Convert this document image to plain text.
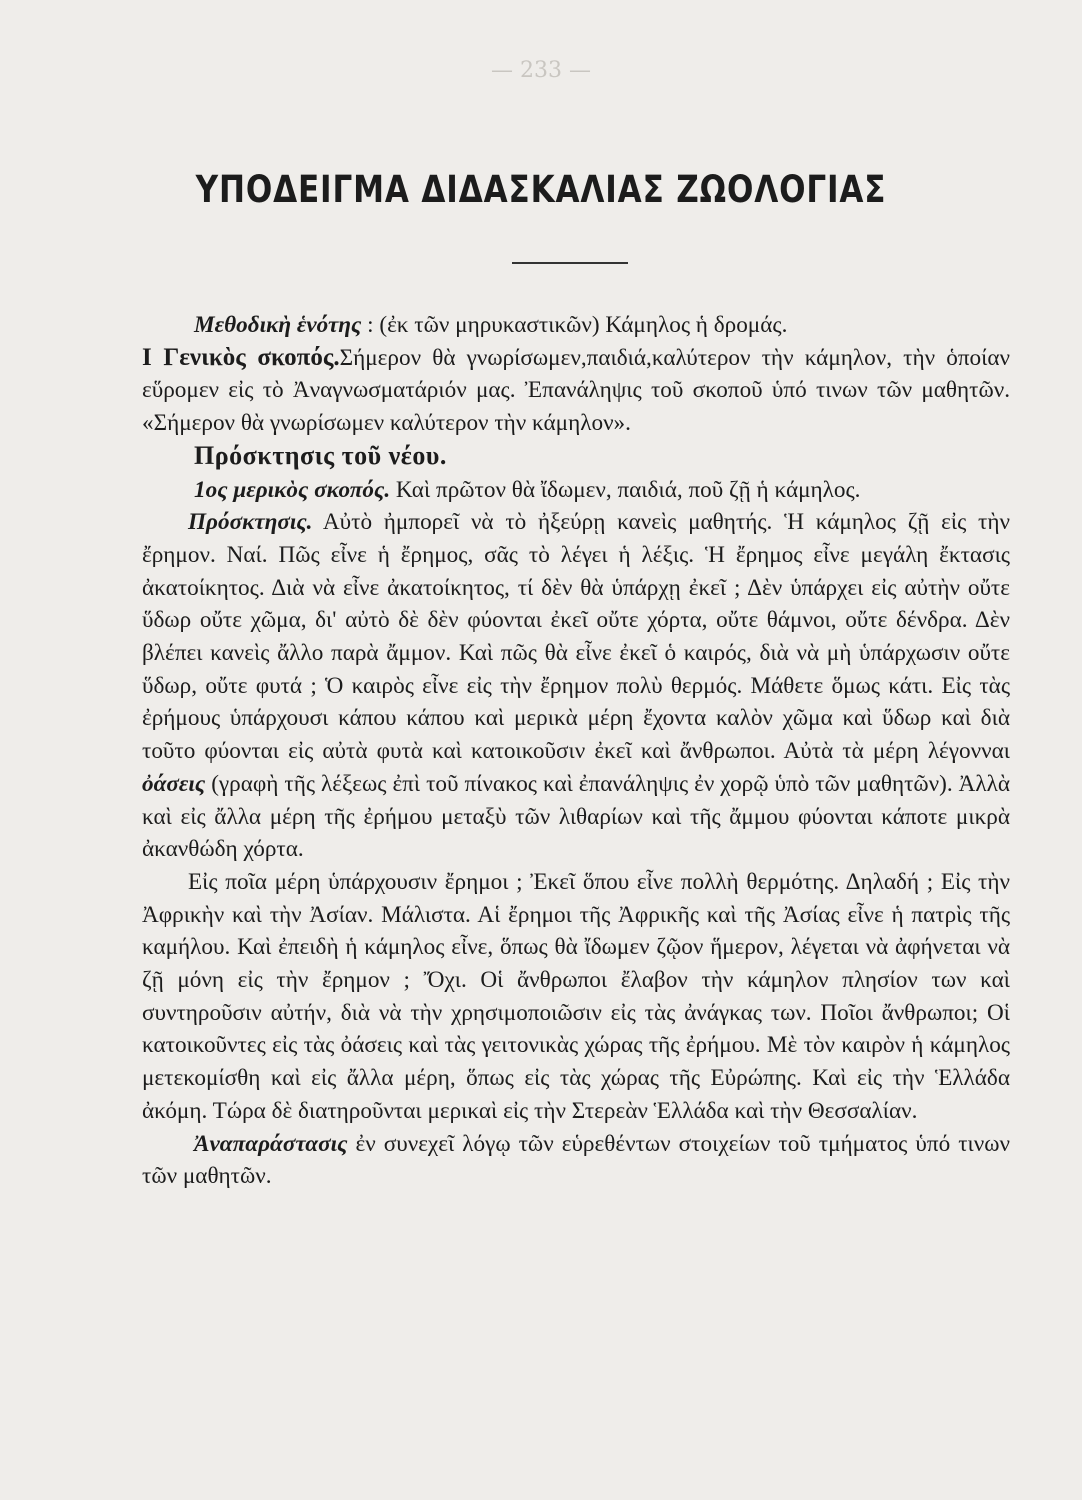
— 233 —
ΥΠΟΔΕΙΓΜΑ ΔΙΔΑΣΚΑΛΙΑΣ ΖΩΟΛΟΓΙΑΣ

Μεθοδικὴ ἑνότης : (ἐκ τῶν μηρυκαστικῶν) Κάμηλος ἡ δρομάς.

I Γενικὸς σκοπός.Σήμερον θὰ γνωρίσωμεν,παιδιά,καλύτερον τὴν κάμηλον, τὴν ὁποίαν εὕρομεν εἰς τὸ Ἀναγνωσματάριόν μας. Ἐπανάληψις τοῦ σκοποῦ ὑπό τινων τῶν μαθητῶν. «Σήμερον θὰ γνωρίσωμεν καλύτερον τὴν κάμηλον».

Πρόσκτησις τοῦ νέου.

1ος μερικὸς σκοπός. Καὶ πρῶτον θὰ ἴδωμεν, παιδιά, ποῦ ζῇ ἡ κάμηλος.

Πρόσκτησις. Αὐτὸ ἠμπορεῖ νὰ τὸ ἠξεύρῃ κανεὶς μαθητής. Ἡ κάμηλος ζῇ εἰς τὴν ἔρημον. Ναί. Πῶς εἶνε ἡ ἔρημος, σᾶς τὸ λέγει ἡ λέξις. Ἡ ἔρημος εἶνε μεγάλη ἔκτασις ἀκατοίκητος. Διὰ νὰ εἶνε ἀκατοίκητος, τί δὲν θὰ ὑπάρχῃ ἐκεῖ ; Δὲν ὑπάρχει εἰς αὐτὴν οὔτε ὕδωρ οὔτε χῶμα, δι' αὐτὸ δὲ δὲν φύονται ἐκεῖ οὔτε χόρτα, οὔτε θάμνοι, οὔτε δένδρα. Δὲν βλέπει κανεὶς ἄλλο παρὰ ἄμμον. Καὶ πῶς θὰ εἶνε ἐκεῖ ὁ καιρός, διὰ νὰ μὴ ὑπάρχωσιν οὔτε ὕδωρ, οὔτε φυτά ; Ὁ καιρὸς εἶνε εἰς τὴν ἔρημον πολὺ θερμός. Μάθετε ὅμως κάτι. Εἰς τὰς ἐρήμους ὑπάρχουσι κάπου κάπου καὶ μερικὰ μέρη ἔχοντα καλὸν χῶμα καὶ ὕδωρ καὶ διὰ τοῦτο φύονται εἰς αὐτὰ φυτὰ καὶ κατοικοῦσιν ἐκεῖ καὶ ἄνθρωποι. Αὐτὰ τὰ μέρη λέγονναι ὀάσεις (γραφὴ τῆς λέξεως ἐπὶ τοῦ πίνακος καὶ ἐπανάληψις ἐν χορῷ ὑπὸ τῶν μαθητῶν). Ἀλλὰ καὶ εἰς ἄλλα μέρη τῆς ἐρήμου μεταξὺ τῶν λιθαρίων καὶ τῆς ἄμμου φύονται κάποτε μικρὰ ἀκανθώδη χόρτα.

Εἰς ποῖα μέρη ὑπάρχουσιν ἔρημοι ; Ἐκεῖ ὅπου εἶνε πολλὴ θερμότης. Δηλαδή ; Εἰς τὴν Ἀφρικὴν καὶ τὴν Ἀσίαν. Μάλιστα. Αἱ ἔρημοι τῆς Ἀφρικῆς καὶ τῆς Ἀσίας εἶνε ἡ πατρὶς τῆς καμήλου. Καὶ ἐπειδὴ ἡ κάμηλος εἶνε, ὅπως θὰ ἴδωμεν ζῷον ἥμερον, λέγεται νὰ ἀφήνεται νὰ ζῇ μόνη εἰς τὴν ἔρημον ; Ὄχι. Οἱ ἄνθρωποι ἔλαβον τὴν κάμηλον πλησίον των καὶ συντηροῦσιν αὐτήν, διὰ νὰ τὴν χρησιμοποιῶσιν εἰς τὰς ἀνάγκας των. Ποῖοι ἄνθρωποι; Οἱ κατοικοῦντες εἰς τὰς ὀάσεις καὶ τὰς γειτονικὰς χώρας τῆς ἐρήμου. Μὲ τὸν καιρὸν ἡ κάμηλος μετεκομίσθη καὶ εἰς ἄλλα μέρη, ὅπως εἰς τὰς χώρας τῆς Εὐρώπης. Καὶ εἰς τὴν Ἑλλάδα ἀκόμη. Τώρα δὲ διατηροῦνται μερικαὶ εἰς τὴν Στερεὰν Ἑλλάδα καὶ τὴν Θεσσαλίαν.

Ἀναπαράστασις ἐν συνεχεῖ λόγῳ τῶν εὑρεθέντων στοιχείων τοῦ τμήματος ὑπό τινων τῶν μαθητῶν.
